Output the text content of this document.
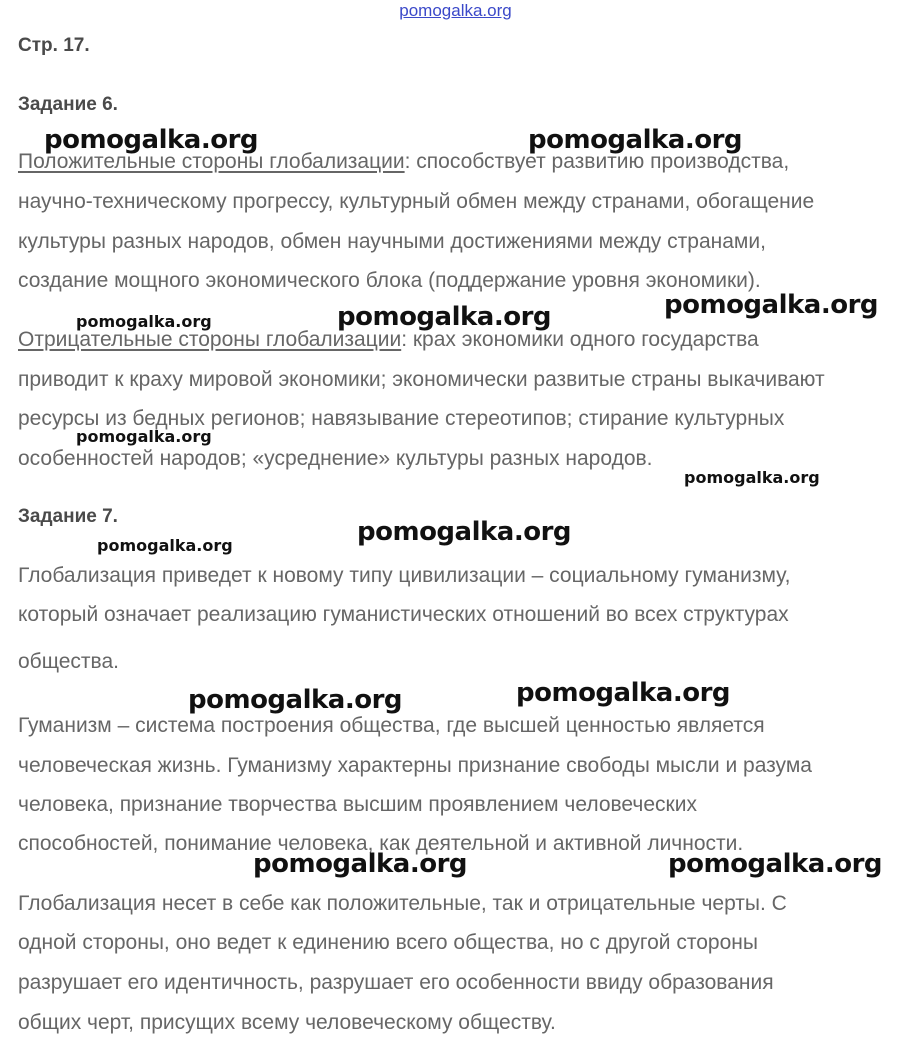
pomogalka.org
Стр. 17.
Задание 6.
Положительные стороны глобализации: способствует развитию производства,
научно-техническому прогрессу, культурный обмен между странами, обогащение
культуры разных народов, обмен научными достижениями между странами,
создание мощного экономического блока (поддержание уровня экономики).
Отрицательные стороны глобализации: крах экономики одного государства
приводит к краху мировой экономики; экономически развитые страны выкачивают
ресурсы из бедных регионов; навязывание стереотипов; стирание культурных
особенностей народов; «усреднение» культуры разных народов.
Задание 7.
Глобализация приведет к новому типу цивилизации – социальному гуманизму,
который означает реализацию гуманистических отношений во всех структурах
общества.
Гуманизм – система построения общества, где высшей ценностью является
человеческая жизнь. Гуманизму характерны признание свободы мысли и разума
человека, признание творчества высшим проявлением человеческих
способностей, понимание человека, как деятельной и активной личности.
Глобализация несет в себе как положительные, так и отрицательные черты. С
одной стороны, оно ведет к единению всего общества, но с другой стороны
разрушает его идентичность, разрушает его особенности ввиду образования
общих черт, присущих всему человеческому обществу.
pomogalka.org	pomogalka.org
pomogalka.org
pomogalka.org
pomogalka.org
pomogalka.org
pomogalka.org
pomogalka.org
pomogalka.org
pomogalka.org
pomogalka.org
pomogalka.org	pomogalka.org
